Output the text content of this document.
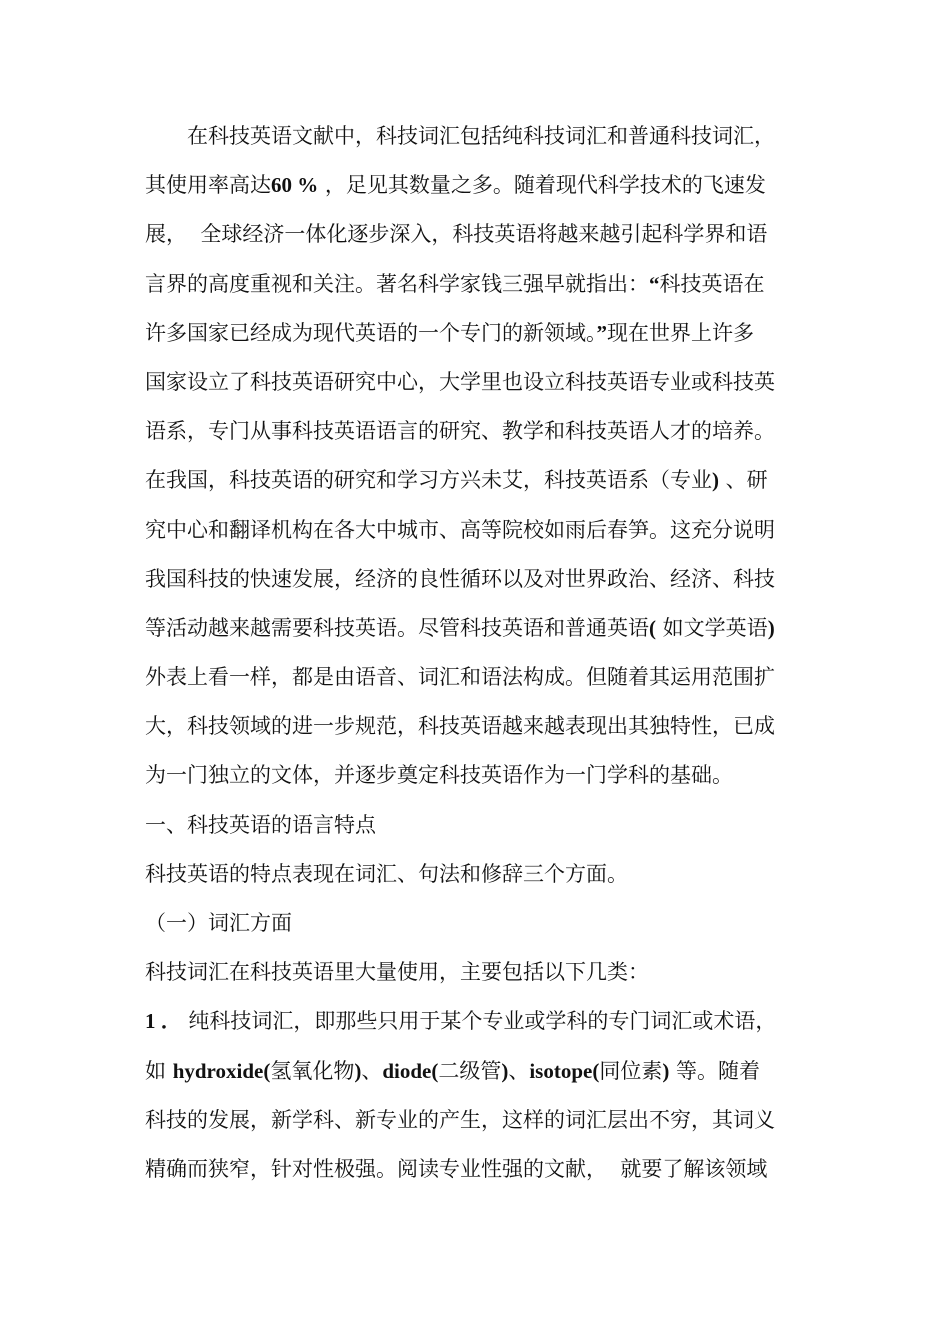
在科技英语文献中，科技词汇包括纯科技词汇和普通科技词汇，
其使用率高达60 % ，足见其数量之多。随着现代科学技术的飞速发
展，  全球经济一体化逐步深入，科技英语将越来越引起科学界和语
言界的高度重视和关注。著名科学家钱三强早就指出：“科技英语在
许多国家已经成为现代英语的一个专门的新领域。”现在世界上许多
国家设立了科技英语研究中心，大学里也设立科技英语专业或科技英
语系，专门从事科技英语语言的研究、教学和科技英语人才的培养。
在我国，科技英语的研究和学习方兴未艾，科技英语系（专业) 、研
究中心和翻译机构在各大中城市、高等院校如雨后春笋。这充分说明
我国科技的快速发展，经济的良性循环以及对世界政治、经济、科技
等活动越来越需要科技英语。尽管科技英语和普通英语( 如文学英语)
外表上看一样，都是由语音、词汇和语法构成。但随着其运用范围扩
大，科技领域的进一步规范，科技英语越来越表现出其独特性，已成
为一门独立的文体，并逐步奠定科技英语作为一门学科的基础。
一、科技英语的语言特点
科技英语的特点表现在词汇、句法和修辞三个方面。
（一）词汇方面
科技词汇在科技英语里大量使用，主要包括以下几类：
1 ． 纯科技词汇，即那些只用于某个专业或学科的专门词汇或术语，
如 hydroxide(氢氧化物)、diode(二级管)、isotope(同位素) 等。随着
科技的发展，新学科、新专业的产生，这样的词汇层出不穷，其词义
精确而狭窄，针对性极强。阅读专业性强的文献，  就要了解该领域
